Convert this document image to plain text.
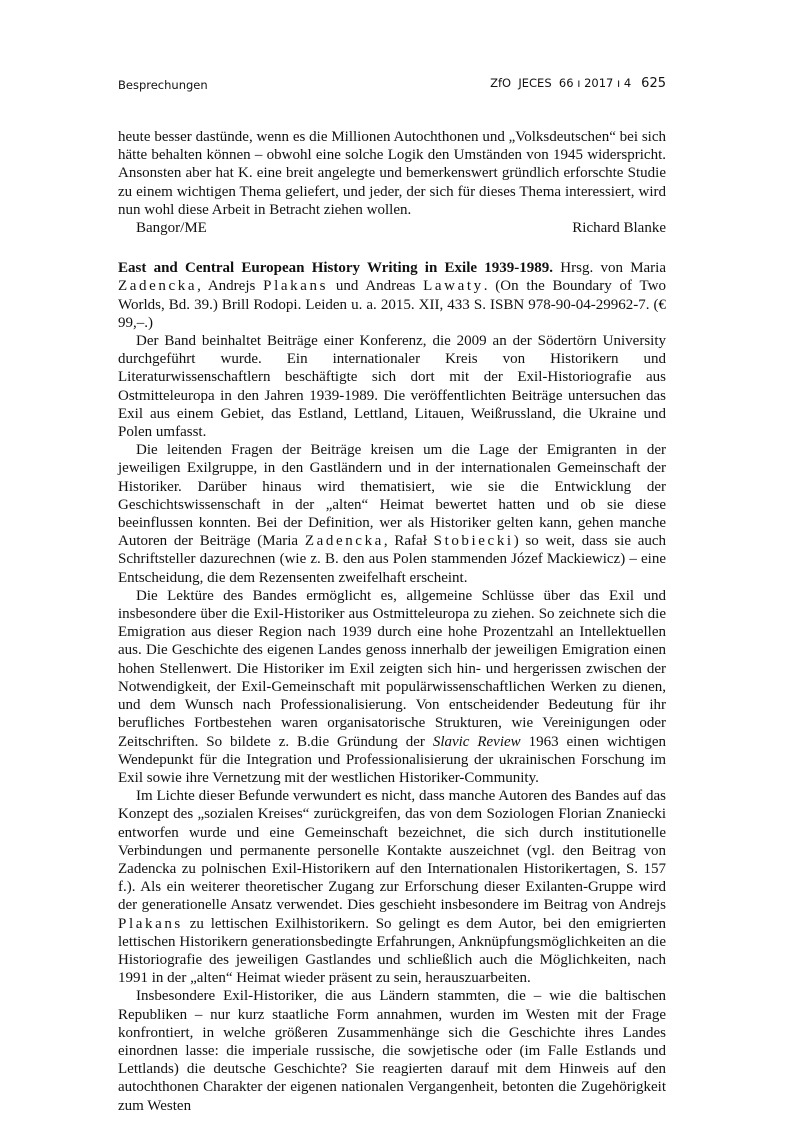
Besprechungen	ZfO  JECES  66 ı 2017 ı 4 625

heute besser dastünde, wenn es die Millionen Autochthonen und „Volksdeutschen“ bei sich hätte behalten können – obwohl eine solche Logik den Umständen von 1945 widerspricht. Ansonsten aber hat K. eine breit angelegte und bemerkenswert gründlich erforschte Studie zu einem wichtigen Thema geliefert, und jeder, der sich für dieses Thema interessiert, wird nun wohl diese Arbeit in Betracht ziehen wollen.

Bangor/ME	Richard Blanke

East and Central European History Writing in Exile 1939-1989. Hrsg. von Maria Zadencka, Andrejs Plakans und Andreas Lawaty. (On the Boundary of Two Worlds, Bd. 39.) Brill Rodopi. Leiden u. a. 2015. XII, 433 S. ISBN 978-90-04-29962-7. (€ 99,–.)

Der Band beinhaltet Beiträge einer Konferenz, die 2009 an der Södertörn University durchgeführt wurde. Ein internationaler Kreis von Historikern und Literaturwissenschaftlern beschäftigte sich dort mit der Exil-Historiografie aus Ostmitteleuropa in den Jahren 1939-1989. Die veröffentlichten Beiträge untersuchen das Exil aus einem Gebiet, das Estland, Lettland, Litauen, Weißrussland, die Ukraine und Polen umfasst.

Die leitenden Fragen der Beiträge kreisen um die Lage der Emigranten in der jeweiligen Exilgruppe, in den Gastländern und in der internationalen Gemeinschaft der Historiker. Darüber hinaus wird thematisiert, wie sie die Entwicklung der Geschichtswissenschaft in der „alten“ Heimat bewertet hatten und ob sie diese beeinflussen konnten. Bei der Definition, wer als Historiker gelten kann, gehen manche Autoren der Beiträge (Maria Zadencka, Rafał Stobiecki) so weit, dass sie auch Schriftsteller dazurechnen (wie z. B. den aus Polen stammenden Józef Mackiewicz) – eine Entscheidung, die dem Rezensenten zweifelhaft erscheint.

Die Lektüre des Bandes ermöglicht es, allgemeine Schlüsse über das Exil und insbesondere über die Exil-Historiker aus Ostmitteleuropa zu ziehen. So zeichnete sich die Emigration aus dieser Region nach 1939 durch eine hohe Prozentzahl an Intellektuellen aus. Die Geschichte des eigenen Landes genoss innerhalb der jeweiligen Emigration einen hohen Stellenwert. Die Historiker im Exil zeigten sich hin- und hergerissen zwischen der Notwendigkeit, der Exil-Gemeinschaft mit populärwissenschaftlichen Werken zu dienen, und dem Wunsch nach Professionalisierung. Von entscheidender Bedeutung für ihr berufliches Fortbestehen waren organisatorische Strukturen, wie Vereinigungen oder Zeitschriften. So bildete z. B.die Gründung der Slavic Review 1963 einen wichtigen Wendepunkt für die Integration und Professionalisierung der ukrainischen Forschung im Exil sowie ihre Vernetzung mit der westlichen Historiker-Community.

Im Lichte dieser Befunde verwundert es nicht, dass manche Autoren des Bandes auf das Konzept des „sozialen Kreises“ zurückgreifen, das von dem Soziologen Florian Znaniecki entworfen wurde und eine Gemeinschaft bezeichnet, die sich durch institutionelle Verbindungen und permanente personelle Kontakte auszeichnet (vgl. den Beitrag von Zadencka zu polnischen Exil-Historikern auf den Internationalen Historikertagen, S. 157 f.). Als ein weiterer theoretischer Zugang zur Erforschung dieser Exilanten-Gruppe wird der generationelle Ansatz verwendet. Dies geschieht insbesondere im Beitrag von Andrejs Plakans zu lettischen Exilhistorikern. So gelingt es dem Autor, bei den emigrierten lettischen Historikern generationsbedingte Erfahrungen, Anknüpfungsmöglichkeiten an die Historiografie des jeweiligen Gastlandes und schließlich auch die Möglichkeiten, nach 1991 in der „alten“ Heimat wieder präsent zu sein, herauszuarbeiten.

Insbesondere Exil-Historiker, die aus Ländern stammten, die – wie die baltischen Republiken – nur kurz staatliche Form annahmen, wurden im Westen mit der Frage konfrontiert, in welche größeren Zusammenhänge sich die Geschichte ihres Landes einordnen lasse: die imperiale russische, die sowjetische oder (im Falle Estlands und Lettlands) die deutsche Geschichte? Sie reagierten darauf mit dem Hinweis auf den autochthonen Charakter der eigenen nationalen Vergangenheit, betonten die Zugehörigkeit zum Westen
